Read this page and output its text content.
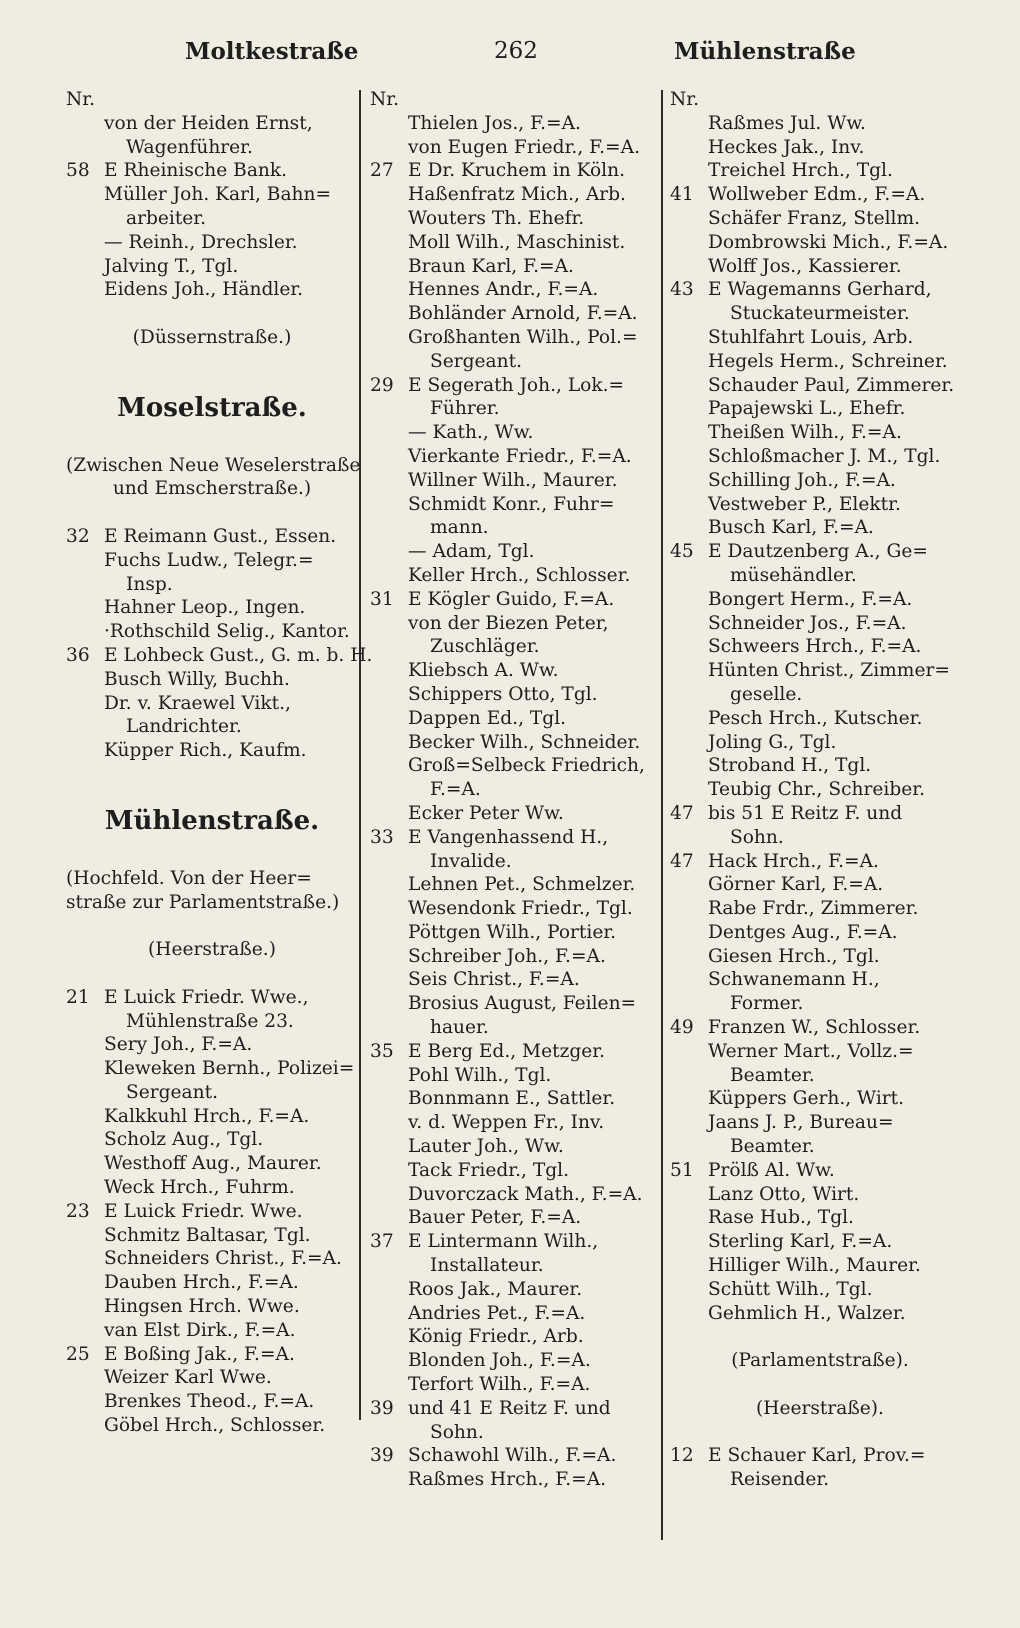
Moltkestraße	262	Mühlenstraße
Nr.
von der Heiden Ernst,
Wagenführer.
58 E Rheinische Bank.
Müller Joh. Karl, Bahn=
arbeiter.
— Reinh., Drechsler.
Jalving T., Tgl.
Eidens Joh., Händler.
(Düssernstraße.)
Moselstraße.
(Zwischen Neue Weselerstraße
und Emscherstraße.)
32 E Reimann Gust., Essen.
Fuchs Ludw., Telegr.=
Insp.
Hahner Leop., Ingen.
·Rothschild Selig., Kantor.
36 E Lohbeck Gust., G. m. b. H.
Busch Willy, Buchh.
Dr. v. Kraewel Vikt.,
Landrichter.
Küpper Rich., Kaufm.
Mühlenstraße.
(Hochfeld. Von der Heer=
straße zur Parlamentstraße.)
(Heerstraße.)
21 E Luick Friedr. Wwe.,
Mühlenstraße 23.
Sery Joh., F.=A.
Kleweken Bernh., Polizei=
Sergeant.
Kalkkuhl Hrch., F.=A.
Scholz Aug., Tgl.
Westhoff Aug., Maurer.
Weck Hrch., Fuhrm.
23 E Luick Friedr. Wwe.
Schmitz Baltasar, Tgl.
Schneiders Christ., F.=A.
Dauben Hrch., F.=A.
Hingsen Hrch. Wwe.
van Elst Dirk., F.=A.
25 E Boßing Jak., F.=A.
Weizer Karl Wwe.
Brenkes Theod., F.=A.
Göbel Hrch., Schlosser.
Nr.
Thielen Jos., F.=A.
von Eugen Friedr., F.=A.
27 E Dr. Kruchem in Köln.
Haßenfratz Mich., Arb.
Wouters Th. Ehefr.
Moll Wilh., Maschinist.
Braun Karl, F.=A.
Hennes Andr., F.=A.
Bohländer Arnold, F.=A.
Großhanten Wilh., Pol.=
Sergeant.
29 E Segerath Joh., Lok.=
Führer.
— Kath., Ww.
Vierkante Friedr., F.=A.
Willner Wilh., Maurer.
Schmidt Konr., Fuhr=
mann.
— Adam, Tgl.
Keller Hrch., Schlosser.
31 E Kögler Guido, F.=A.
von der Biezen Peter,
Zuschläger.
Kliebsch A. Ww.
Schippers Otto, Tgl.
Dappen Ed., Tgl.
Becker Wilh., Schneider.
Groß=Selbeck Friedrich,
F.=A.
Ecker Peter Ww.
33 E Vangenhassend H.,
Invalide.
Lehnen Pet., Schmelzer.
Wesendonk Friedr., Tgl.
Pöttgen Wilh., Portier.
Schreiber Joh., F.=A.
Seis Christ., F.=A.
Brosius August, Feilen=
hauer.
35 E Berg Ed., Metzger.
Pohl Wilh., Tgl.
Bonnmann E., Sattler.
v. d. Weppen Fr., Inv.
Lauter Joh., Ww.
Tack Friedr., Tgl.
Duvorczack Math., F.=A.
Bauer Peter, F.=A.
37 E Lintermann Wilh.,
Installateur.
Roos Jak., Maurer.
Andries Pet., F.=A.
König Friedr., Arb.
Blonden Joh., F.=A.
Terfort Wilh., F.=A.
39 und 41 E Reitz F. und
Sohn.
39 Schawohl Wilh., F.=A.
Raßmes Hrch., F.=A.
Nr.
Raßmes Jul. Ww.
Heckes Jak., Inv.
Treichel Hrch., Tgl.
41 Wollweber Edm., F.=A.
Schäfer Franz, Stellm.
Dombrowski Mich., F.=A.
Wolff Jos., Kassierer.
43 E Wagemanns Gerhard,
Stuckateurmeister.
Stuhlfahrt Louis, Arb.
Hegels Herm., Schreiner.
Schauder Paul, Zimmerer.
Papajewski L., Ehefr.
Theißen Wilh., F.=A.
Schloßmacher J. M., Tgl.
Schilling Joh., F.=A.
Vestweber P., Elektr.
Busch Karl, F.=A.
45 E Dautzenberg A., Ge=
müsehändler.
Bongert Herm., F.=A.
Schneider Jos., F.=A.
Schweers Hrch., F.=A.
Hünten Christ., Zimmer=
geselle.
Pesch Hrch., Kutscher.
Joling G., Tgl.
Stroband H., Tgl.
Teubig Chr., Schreiber.
47 bis 51 E Reitz F. und
Sohn.
47 Hack Hrch., F.=A.
Görner Karl, F.=A.
Rabe Frdr., Zimmerer.
Dentges Aug., F.=A.
Giesen Hrch., Tgl.
Schwanemann H.,
Former.
49 Franzen W., Schlosser.
Werner Mart., Vollz.=
Beamter.
Küppers Gerh., Wirt.
Jaans J. P., Bureau=
Beamter.
51 Prölß Al. Ww.
Lanz Otto, Wirt.
Rase Hub., Tgl.
Sterling Karl, F.=A.
Hilliger Wilh., Maurer.
Schütt Wilh., Tgl.
Gehmlich H., Walzer.
(Parlamentstraße).
(Heerstraße).
12 E Schauer Karl, Prov.=
Reisender.
